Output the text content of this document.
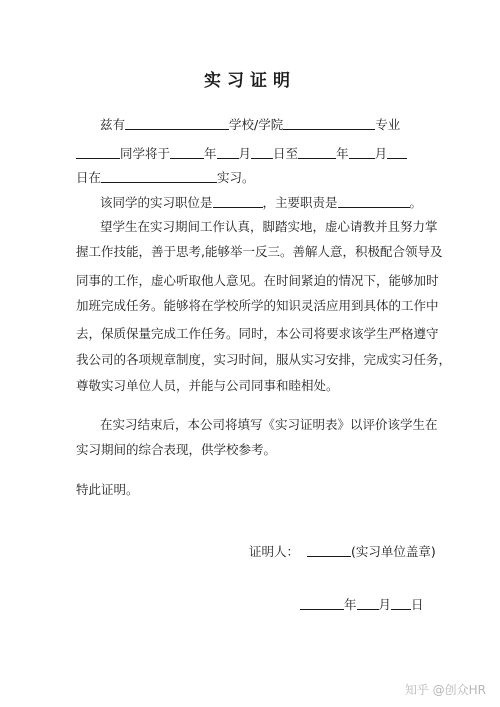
实习证明
兹有	学校/学院	专业
同学将于	年 月 日至	年 月
日在	实习。
该同学的实习职位是	，主要职责是	。
望学生在实习期间工作认真，脚踏实地，虚心请教并且努力掌
握工作技能，善于思考,能够举一反三。善解人意，积极配合领导及
同事的工作，虚心听取他人意见。在时间紧迫的情况下，能够加时
加班完成任务。能够将在学校所学的知识灵活应用到具体的工作中
去，保质保量完成工作任务。同时，本公司将要求该学生严格遵守
我公司的各项规章制度，实习时间，服从实习安排，完成实习任务，
尊敬实习单位人员，并能与公司同事和睦相处。
在实习结束后，本公司将填写《实习证明表》以评价该学生在
实习期间的综合表现，供学校参考。
特此证明。
证明人：	(实习单位盖章)
年 月 日
知乎 @创众HR
